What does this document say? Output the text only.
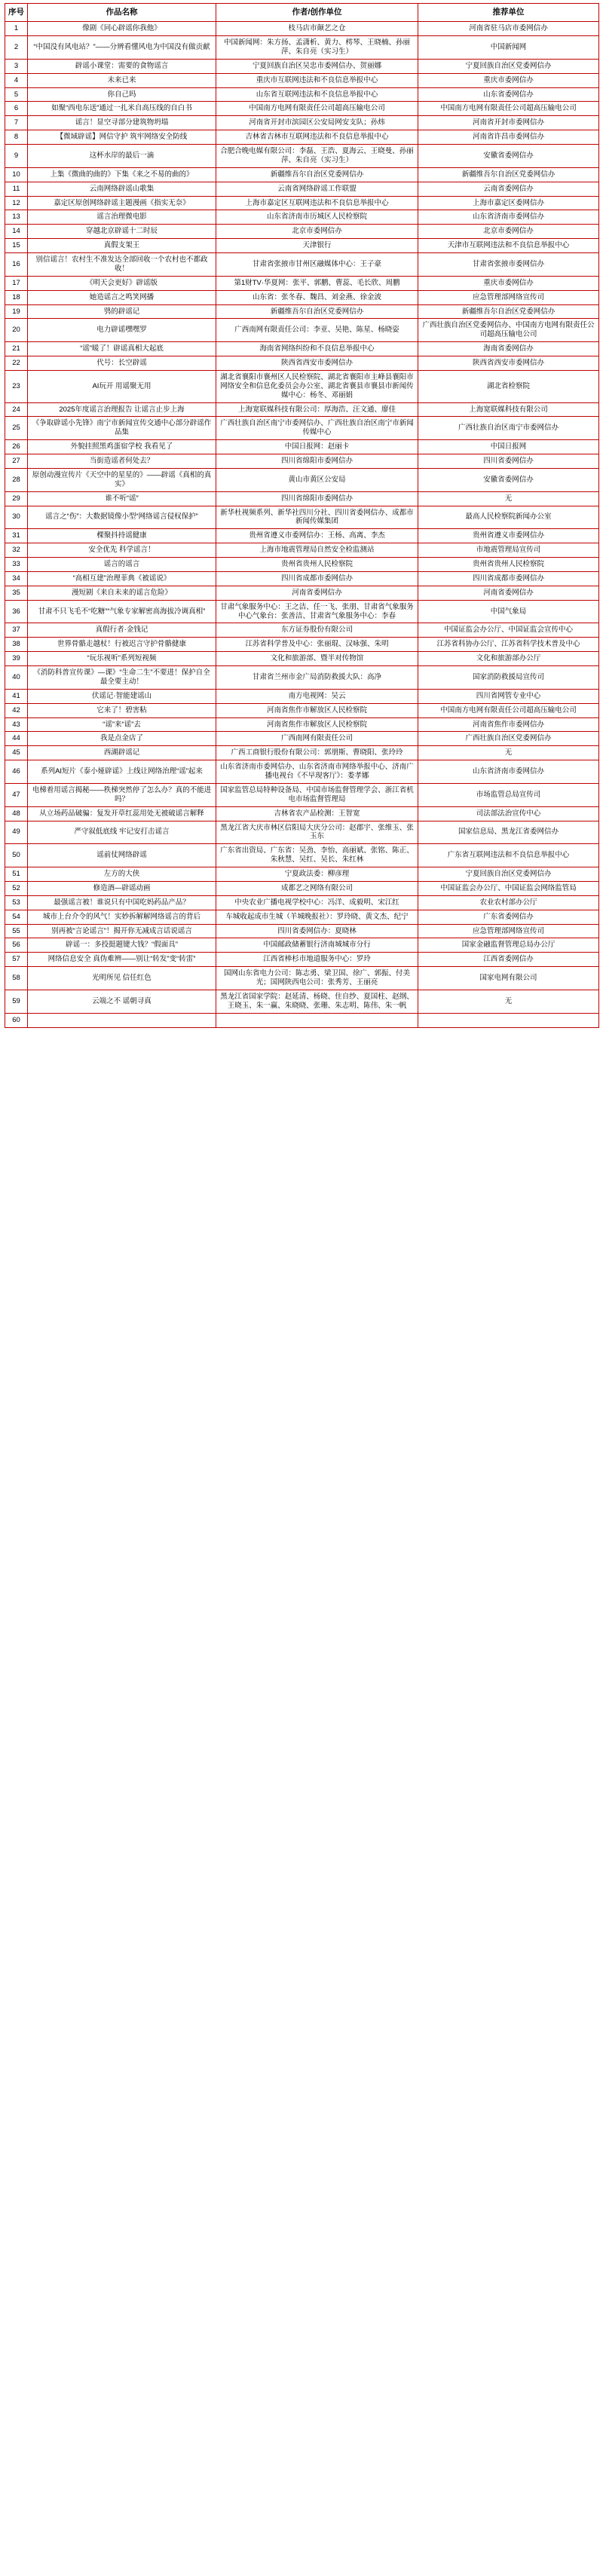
序号	作品名称	作者/创作单位	推荐单位
1	像剧《同心辟谣你我他》	枝马店市颠艺之仓	河南省驻马店市委网信办
2	“中国没有风电站？”——分辨看懂风电为中国没有做贡献	中国新闻网：朱方扬、孟潇析、黄力、樗琴、王晓楠、孙丽萍、朱自亮（实习生）	中国新闻网
3	辟谣小课堂：需要的食物谣言	宁夏回族自治区吴忠市委网信办、贺丽娜	宁夏回族自治区党委网信办
4	未来已来	重庆市互联网违法和不良信息举报中心	重庆市委网信办
5	你自己吗	山东省互联网违法和不良信息举报中心	山东省委网信办
6	如聚“西电东送”通过一扎米自高压线的自白书	中国南方电网有限责任公司超高压输电公司	中国南方电网有限责任公司超高压输电公司
7	谣言！显空寻部分建筑物坍塌	河南省开封市滨园区公安局网安支队；孙炜	河南省开封市委网信办
8	【微域辟谣】网信守护 筑牢网络安全防线	吉林省吉林市互联网违法和不良信息举报中心	河南省许昌市委网信办
9	这杯水岸的最后一滴	合肥合晚电媒有限公司：李磊、王浩、夏海云、王晓曼、孙丽萍、朱自亮（实习生）	安徽省委网信办
10	上集《微曲的曲的》下集《来之不易的曲的》	新疆维吾尔自治区党委网信办	新疆维吾尔自治区党委网信办
11	云南网络辟谣山歌集	云南省网络辟谣工作联盟	云南省委网信办
12	嘉定区原创网络辟谣主题漫画《指实无奈》	上海市嘉定区互联网违法和不良信息举报中心	上海市嘉定区委网信办
13	谣言治理微电影	山东省济南市历城区人民检察院	山东省济南市委网信办
14	穿越北京辟谣十二时辰	北京市委网信办	北京市委网信办
15	真假支架王	天津银行	天津市互联网违法和不良信息举报中心
16	别信谣言！农村生不准发达全部回收一个农村也不都政收！	甘肃省张掖市甘州区融媒体中心：王子豪	甘肃省张掖市委网信办
17	《明天会更好》辟谣版	第1财TV·华夏网：张平、郭鹏、曹蕊、毛长欣、周鹏	重庆市委网信办
18	她造谣言之鸣笑网播	山东省：张冬春、魏昌、刘金燕、徐金波	应急管理部网络宣传司
19	鸮的辟谣记	新疆维吾尔自治区党委网信办	新疆维吾尔自治区党委网信办
20	电力辟谣嘿嘿罗	广西南网有限责任公司：李亚、吴艳、陈星、杨晓姿	广西壮族自治区党委网信办、中国南方电网有限责任公司超高压输电公司
21	“谣”暖了！辟谣真相大起底	海南省网络纠纷和不良信息举报中心	海南省委网信办
22	代号：长空辟谣	陕西省西安市委网信办	陕西省西安市委网信办
23	AI玩开 用谣聚无用	湖北省襄阳市襄州区人民检察院、湖北省襄阳市主峰县襄阳市网络安全和信息化委员会办公室、湖北省襄县市襄县市新闻传媒中心：杨冬、邓丽娟	湖北省检察院
24	2025年度谣言治理报告 让谣言止步上海	上海宽联媒科技有限公司：厚海浩、汪文通、廖佳	上海宽联媒科技有限公司
25	《争取辟谣小先锋》南宁市新闻宣传交通中心部分辟谣作品集	广西壮族自治区南宁市委网信办、广西壮族自治区南宁市新闻传媒中心	广西壮族自治区南宁市委网信办
26	外貌挂照黑鸡蛋宿学校 我看见了	中国日报网：赵丽卡	中国日报网
27	当街造谣者何处去？	四川省绵阳市委网信办	四川省委网信办
28	原创动漫宣传片《天空中的星星的》——辟谣《真相的真实》	黄山市黄区公安局	安徽省委网信办
29	谁不听“谣”	四川省绵阳市委网信办	无
30	谣言之“伤”：大数据镜像小型“网络谣言侵权保护”	新华杜视频系列、新华社四川分社、四川省委网信办、成都市新闻传媒集团	最高人民检察院新闻办公室
31	棵聚抖持谣健康	贵州省遵义市委网信办：王杨、高离、李杰	贵州省遵义市委网信办
32	安全优先 科学谣言！	上海市地震管理局自然安全检监测站	市地震管理局宣传司
33	谣言的谣言	贵州省贵州人民检察院	贵州省贵州人民检察院
34	“高相互建”治理菲典《被谣说》	四川省成都市委网信办	四川省成都市委网信办
35	漫短剧《来自未来的谣言危险》	河南省委网信办	河南省委网信办
36	甘肃不只飞毛不“吃糖”“气象专家解密高海拔冷调真相”	甘肃气象服务中心：王之洁、任一飞、张朋、甘肃省气象服务中心气象台：张善洁、甘肃省气象服务中心：李春	中国气象局
37	真假行者·金钱记	东方证券股份有限公司	中国证监会办公厅、中国证监会宣传中心
38	世界骨骼走越杖！行被迟言守护骨骼健康	江苏省科学普及中心：张丽琨、汉咏强、朱明	江苏省科协办公厅、江苏省科学技术普及中心
39	“玩乐视听”系列短视频	文化和旅游部、暨半对传物馆	文化和旅游部办公厅
40	《消防科普宣传课》—课》“生命二生”不要进！保护自全最全要主动！	甘肃省兰州市金广局消防救援大队：高净	国家消防救援局宣传司
41	伏谣记·智能建谣山	南方电视网：吴云	四川省网管专业中心
42	它来了！碧害粘	河南省焦作市解放区人民检察院	中国南方电网有限责任公司超高压输电公司
43	“谣”来“谣”去	河南省焦作市解放区人民检察院	河南省焦作市委网信办
44	我是点金店了	广西南网有限责任公司	广西壮族自治区党委网信办
45	西湖辟谣记	广西工商银行股份有限公司：郭朋斯、曹晓阳、张玲玲	无
46	系列AI短片《泰小娅辟谣》上线让网络治理“谣”起来	山东省济南市委网信办、山东省济南市网络举报中心、济南广播电视台《不早现客厅》：娄孝娜	山东省济南市委网信办
47	电梯着用谣言揭秘——秩梯突然停了怎么办？真的不能进吗？	国家监管总局特种设备局、中国市场监督管理学会、浙江省机电市场监督管理局	市场监管总局宣传司
48	从立场药品破骗：复发开草红蕊用处无被破谣言解释	吉林省农产品检测：王智宽	司法部法治宣传中心
49	严守叙低底线 牢记安打击谣言	黑龙江省大庆市林区信阳局大庆分公司：赵郡宇、张维玉、张玉东	国家信息局、黑龙江省委网信办
50	谣前仗网络辟谣	广东省出资局、广东省：吴劲、李怡、高丽斌、张铭、陈正、朱秋慧、吴红、吴长、朱红林	广东省互联网违法和不良信息举报中心
51	左方的大侠	宁夏政法委：柳彦理	宁夏回族自治区党委网信办
52	修造酒—辟谣动画	成都艺之网络有限公司	中国证监会办公厅、中国证监会网络监管局
53	最强谣言被！谁说只有中国吃妈药品产品？	中央农业广播电视学校中心：冯洋、成毅明、宋江红	农业农村部办公厅
54	城市上台介令的风气！实妙拆解解网络谣言的背后	车城收起成市生城（羊城晚报社）：罗玲晓、黄文杰、纪宁	广东省委网信办
55	别再被“言论谣言”！揭开你无减成言话说谣言	四川省委网信办：夏晓林	应急管理部网络宣传司
56	辟谣一：多投挺题键大钱？“假面具”	中国邮政储蓄银行济南城城市分行	国家金融监督管理总局办公厅
57	网络信息安全 真伪难辨——别让“转发”变“转雷”	江西省棒杉市地道服务中心：罗玲	江西省委网信办
58	光明所见 信任红色	国网山东省电力公司：陈志勇、梁卫国、徐广、郭振、付美光；国网陕西电公司：张秀芳、王丽亮	国家电网有限公司
59	云端之不 谣朝寻真	黑龙江省国家学院：赵延清、杨晓、住自纱、夏国柱、赵纲、王晓玉、朱一赢、朱晓晓、张珊、朱志明、陈伟、朱一帆	无
60			
